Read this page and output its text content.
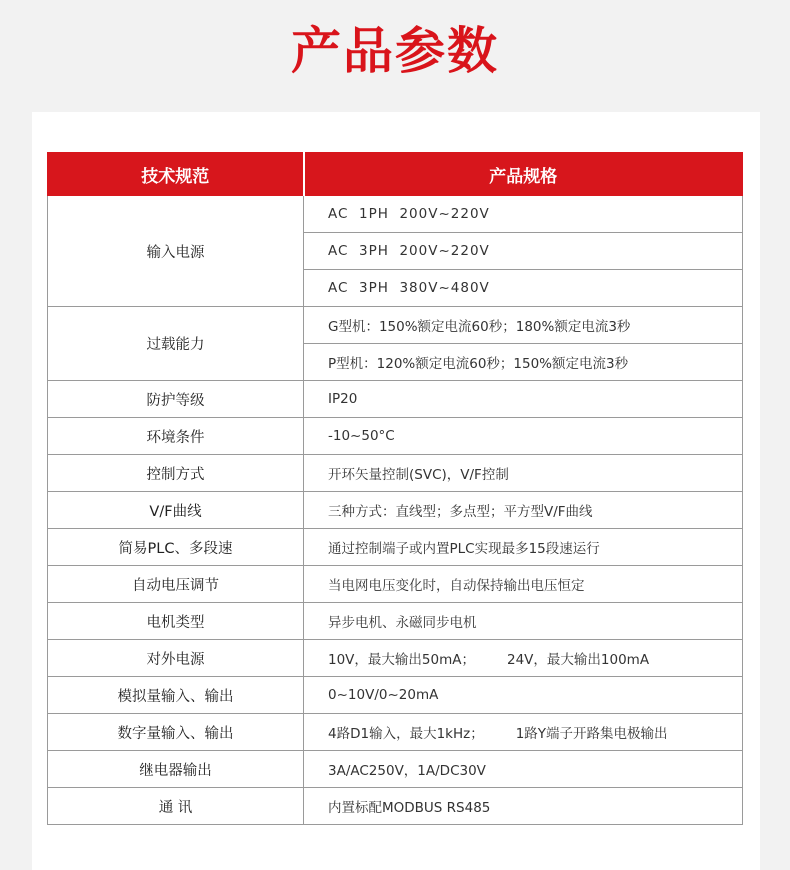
产品参数
技术规范	产品规格
输入电源	AC  1PH  200V~220V
	AC  3PH  200V~220V
	AC  3PH  380V~480V
过载能力	G型机：150%额定电流60秒；180%额定电流3秒
	P型机：120%额定电流60秒；150%额定电流3秒
防护等级	IP20
环境条件	-10~50°C
控制方式	开环矢量控制(SVC)，V/F控制
V/F曲线	三种方式：直线型；多点型；平方型V/F曲线
简易PLC、多段速	通过控制端子或内置PLC实现最多15段速运行
自动电压调节	当电网电压变化时，自动保持输出电压恒定
电机类型	异步电机、永磁同步电机
对外电源	10V，最大输出50mA； 24V，最大输出100mA
模拟量输入、输出	0~10V/0~20mA
数字量输入、输出	4路D1输入，最大1kHz； 1路Y端子开路集电极输出
继电器输出	3A/AC250V，1A/DC30V
通 讯	内置标配MODBUS RS485
